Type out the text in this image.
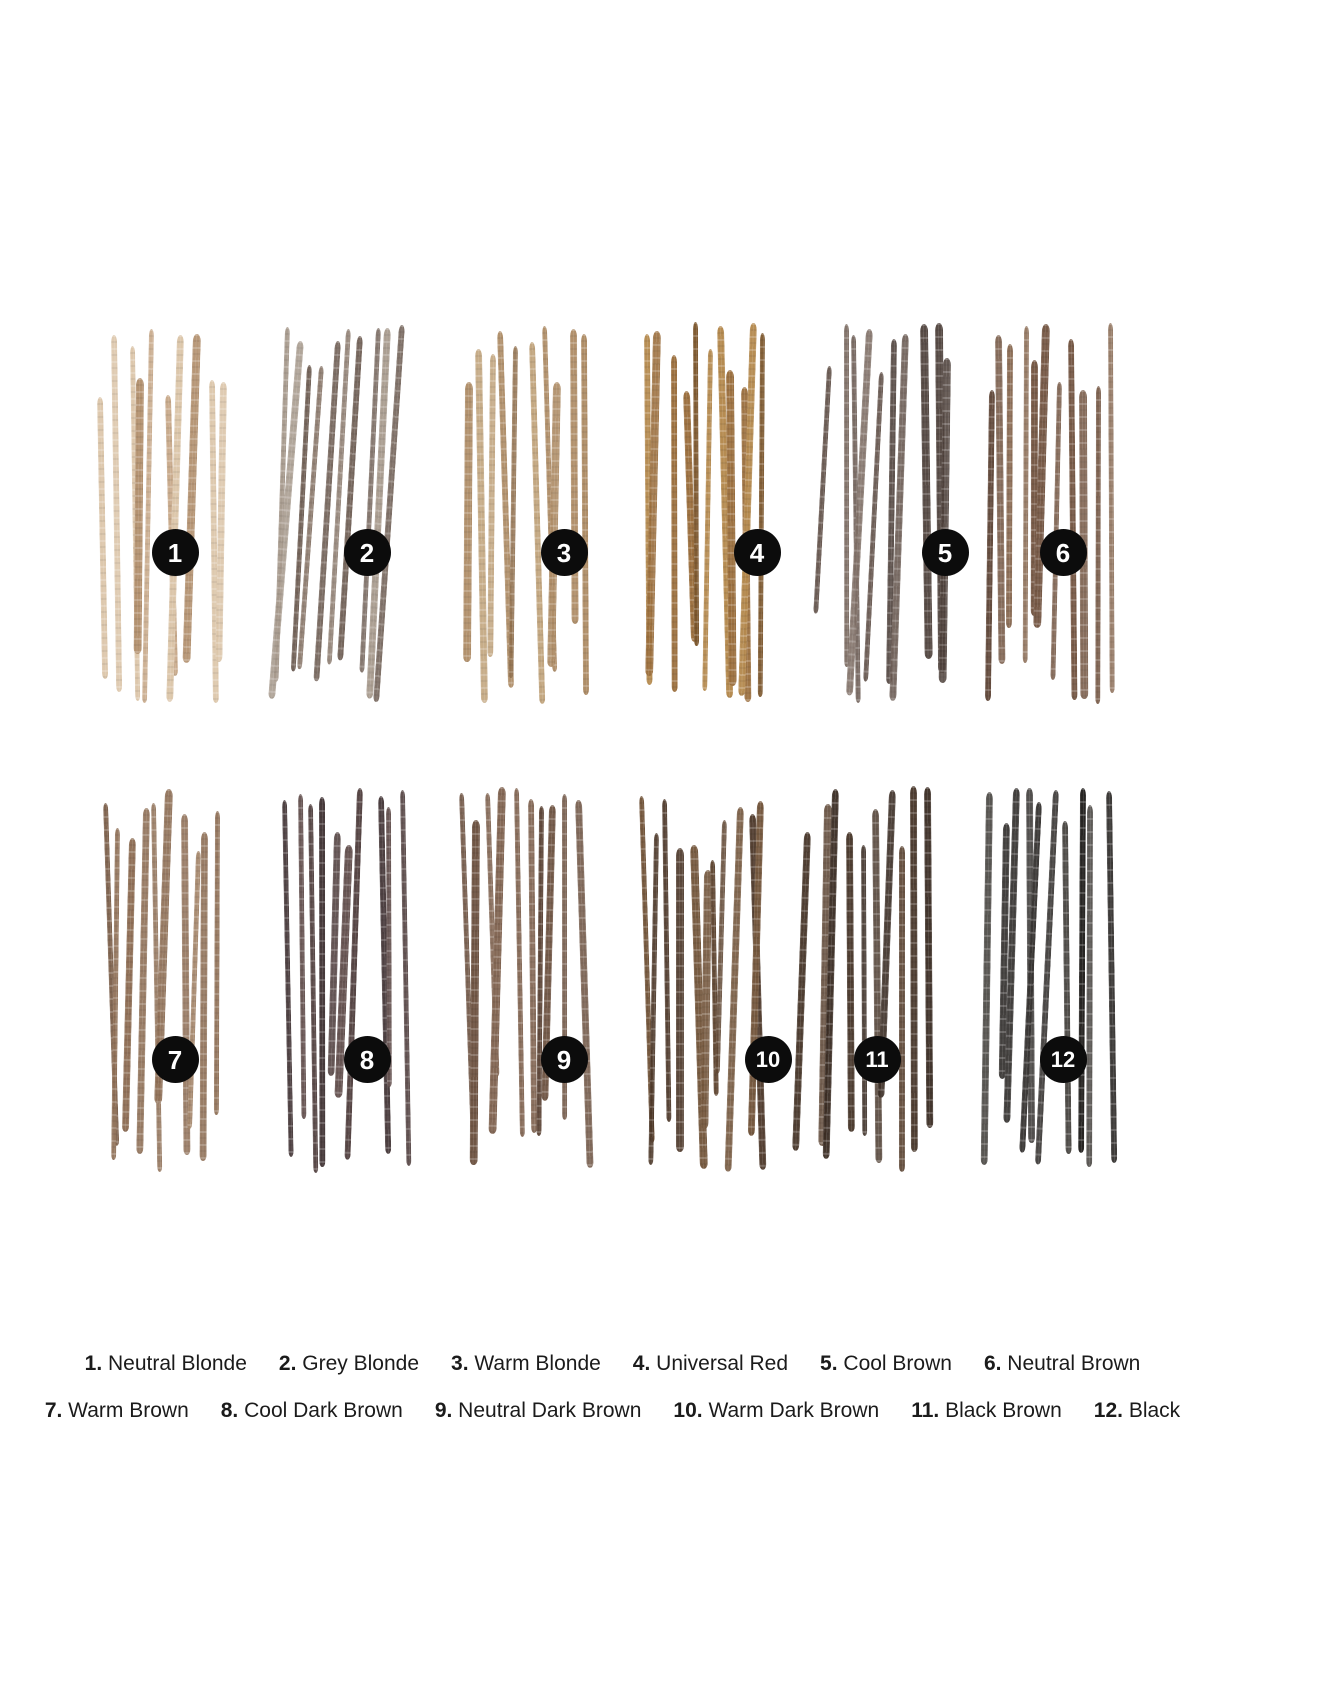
1	2	3	4	5	6
7	8	9	10	11	12
1. Neutral Blonde 2. Grey Blonde 3. Warm Blonde 4. Universal Red 5. Cool Brown 6. Neutral Brown
7. Warm Brown 8. Cool Dark Brown 9. Neutral Dark Brown 10. Warm Dark Brown 11. Black Brown 12. Black
